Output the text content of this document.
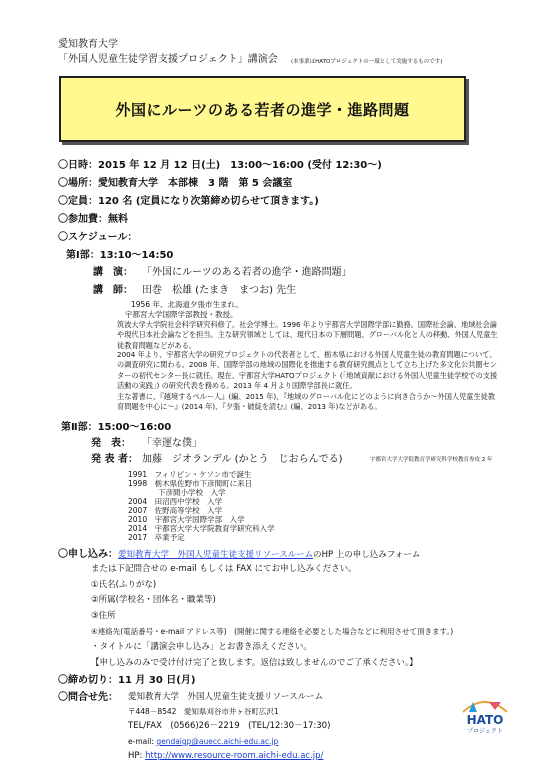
愛知教育大学
「外国人児童生徒学習支援プロジェクト」講演会 (本事業はHATOプロジェクトの一環として実施するものです)
外国にルーツのある若者の進学・進路問題
〇日時：2015 年 12 月 12 日(土)　13:00～16:00 (受付 12:30～)
〇場所：愛知教育大学　本部棟　3 階　第 5 会議室
〇定員：120 名 (定員になり次第締め切らせて頂きます。)
〇参加費：無料
〇スケジュール：
第Ⅰ部：13:10～14:50
講　演： 「外国にルーツのある若者の進学・進路問題」
講　師： 田巻　松雄 (たまき　まつお) 先生
1956 年、北海道夕張市生まれ。
宇都宮大学国際学部教授・教授。
筑波大学大学院社会科学研究科修了。社会学博士。1996 年より宇都宮大学国際学部に勤務。国際社会論、地域社会論や現代日本社会論などを担当。主な研究領域としては、現代日本の下層問題、グローバル化と人の移動、外国人児童生徒教育問題などがある。
2004 年より、宇都宮大学の研究プロジェクトの代表者として、栃木県における外国人児童生徒の教育問題について、の調査研究に関わる。2008 年、国際学部の地域の国際化を推進する教育研究拠点として立ち上げた多文化公共圏センターの初代センター長に就任。現在、宇都宮大学HATOプロジェクト (「地域貢献における外国人児童生徒学校での支援活動の実践」) の研究代表を務める。2013 年 4 月より国際学部長に就任。
主な著書に、『越境するペルー人』(編、2015 年)、『地域のグローバル化にどのように向き合うか～外国人児童生徒教育問題を中心に～』(2014 年)、『夕張・破綻を読む』(編、2013 年)などがある。
第Ⅱ部：15:00～16:00
発　表： 「幸運な僕」
発 表 者： 加藤　ジオランデル (かとう　じおらんでる)	宇都宮大学大学院教育学研究科学校教育専攻 2 年
1991　フィリピン・ケソン市で誕生
1998　栃木県佐野市下彦間町に来日
下彦間小学校　入学
2004　田沼西中学校　入学
2007　佐野高等学校　入学
2010　宇都宮大学国際学部　入学
2014　宇都宮大学大学院教育学研究科入学
2017　卒業予定
〇申し込み：愛知教育大学　外国人児童生徒支援リソースルームのHP 上の申し込みフォーム
または下記問合せの e-mail もしくは FAX にてお申し込みください。
①氏名(ふりがな)
②所属(学校名・団体名・職業等)
③住所
④連絡先(電話番号・e-mail アドレス等)　(開催に関する連絡を必要とした場合などに利用させて頂きます。)
・タイトルに「講演会申し込み」とお書き添えください。
【申し込みのみで受け付け完了と致します。返信は致しませんのでご了承ください。】
〇締め切り：11 月 30 日(月)
〇問合せ先： 愛知教育大学　外国人児童生徒支援リソースルーム
〒448－8542　愛知県刈谷市井ヶ谷町広沢1
TEL/FAX　(0566)26－2219　(TEL/12:30－17:30)
e-mail: gendaigp@auecc.aichi-edu.ac.jp
HP: http://www.resource-room.aichi-edu.ac.jp/
HATO
プロジェクト
